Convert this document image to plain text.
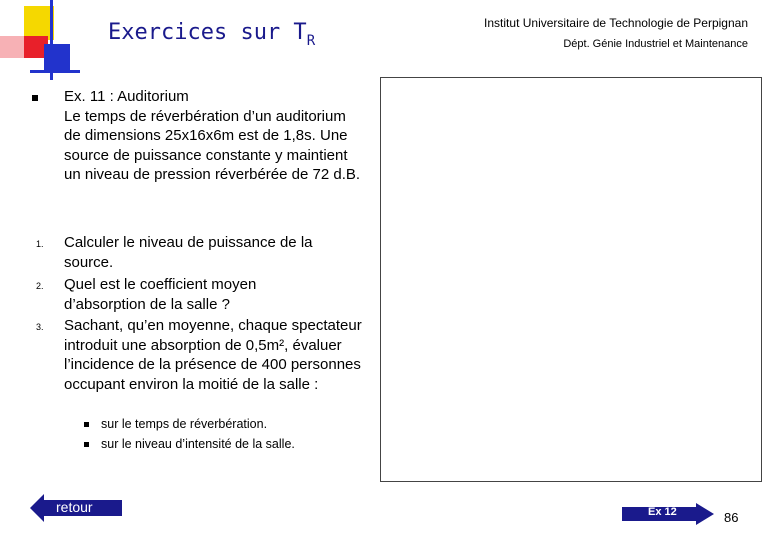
Exercices sur $T_R$
Institut Universitaire de Technologie de Perpignan
Dépt. Génie Industriel et Maintenance
Ex. 11 : Auditorium
Le temps de réverbération d’un auditorium de dimensions 25x16x6m est de 1,8s. Une source de puissance constante y maintient un niveau de pression réverbérée de 72 d.B.
1. Calculer le niveau de puissance de la source.
2. Quel est le coefficient moyen d’absorption de la salle ?
3. Sachant, qu’en moyenne, chaque spectateur introduit une absorption de 0,5m², évaluer l’incidence de la présence de 400 personnes occupant environ la moitié de la salle :
sur le temps de réverbération.
sur le niveau d’intensité de la salle.
retour	Ex 12	86
